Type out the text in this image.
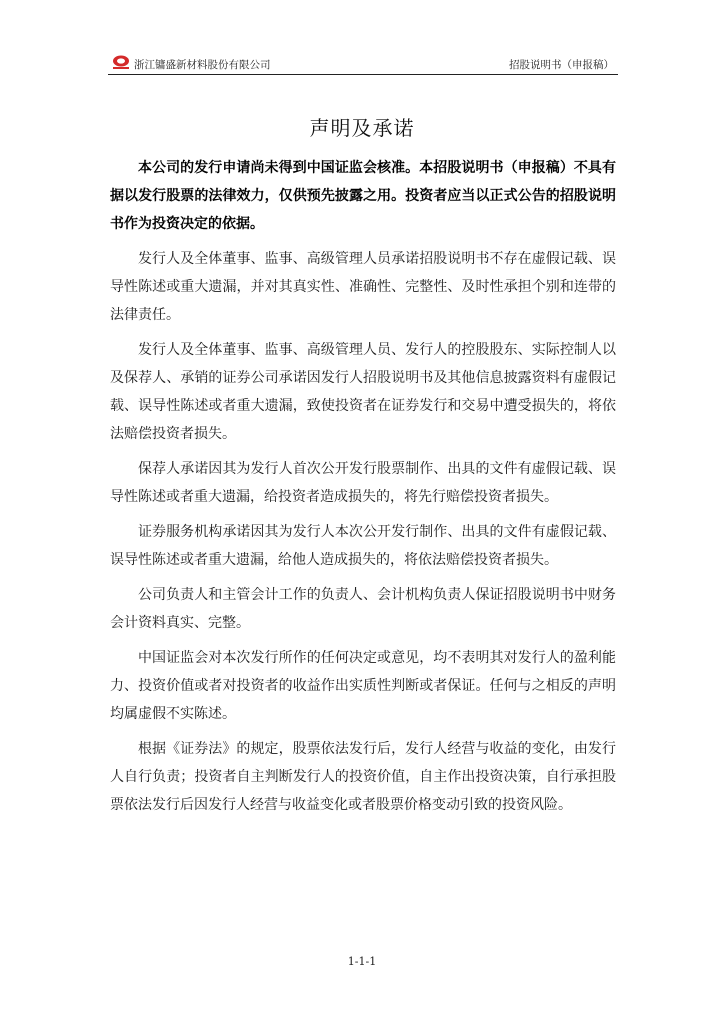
浙江镛盛新材料股份有限公司	招股说明书（申报稿）
声明及承诺

本公司的发行申请尚未得到中国证监会核准。本招股说明书（申报稿）不具有据以发行股票的法律效力，仅供预先披露之用。投资者应当以正式公告的招股说明书作为投资决定的依据。

发行人及全体董事、监事、高级管理人员承诺招股说明书不存在虚假记载、误导性陈述或重大遗漏，并对其真实性、准确性、完整性、及时性承担个别和连带的法律责任。

发行人及全体董事、监事、高级管理人员、发行人的控股股东、实际控制人以及保荐人、承销的证券公司承诺因发行人招股说明书及其他信息披露资料有虚假记载、误导性陈述或者重大遗漏，致使投资者在证券发行和交易中遭受损失的，将依法赔偿投资者损失。

保荐人承诺因其为发行人首次公开发行股票制作、出具的文件有虚假记载、误导性陈述或者重大遗漏，给投资者造成损失的，将先行赔偿投资者损失。

证券服务机构承诺因其为发行人本次公开发行制作、出具的文件有虚假记载、误导性陈述或者重大遗漏，给他人造成损失的，将依法赔偿投资者损失。

公司负责人和主管会计工作的负责人、会计机构负责人保证招股说明书中财务会计资料真实、完整。

中国证监会对本次发行所作的任何决定或意见，均不表明其对发行人的盈利能力、投资价值或者对投资者的收益作出实质性判断或者保证。任何与之相反的声明均属虚假不实陈述。

根据《证券法》的规定，股票依法发行后，发行人经营与收益的变化，由发行人自行负责；投资者自主判断发行人的投资价值，自主作出投资决策，自行承担股票依法发行后因发行人经营与收益变化或者股票价格变动引致的投资风险。

1-1-1
